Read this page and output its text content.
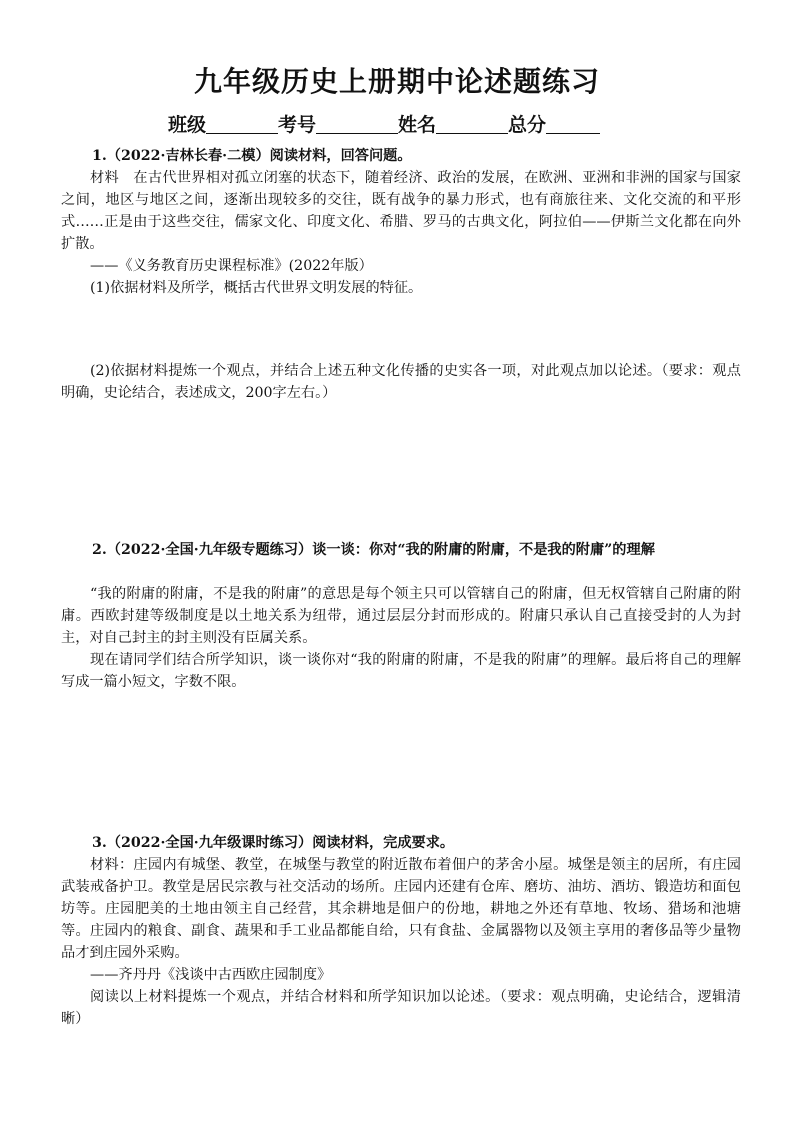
九年级历史上册期中论述题练习
班级	考号	姓名	总分
1.（2022·吉林长春·二模）阅读材料，回答问题。
材料　在古代世界相对孤立闭塞的状态下，随着经济、政治的发展，在欧洲、亚洲和非洲的国家与国家之间，地区与地区之间，逐渐出现较多的交往，既有战争的暴力形式，也有商旅往来、文化交流的和平形式……正是由于这些交往，儒家文化、印度文化、希腊、罗马的古典文化，阿拉伯——伊斯兰文化都在向外扩散。
——《义务教育历史课程标准》(2022年版）
(1)依据材料及所学，概括古代世界文明发展的特征。
(2)依据材料提炼一个观点，并结合上述五种文化传播的史实各一项，对此观点加以论述。（要求：观点明确，史论结合，表述成文，200字左右。）
2.（2022·全国·九年级专题练习）谈一谈：你对“我的附庸的附庸，不是我的附庸”的理解
“我的附庸的附庸，不是我的附庸”的意思是每个领主只可以管辖自己的附庸，但无权管辖自己附庸的附庸。西欧封建等级制度是以土地关系为纽带，通过层层分封而形成的。附庸只承认自己直接受封的人为封主，对自己封主的封主则没有臣属关系。
现在请同学们结合所学知识，谈一谈你对“我的附庸的附庸，不是我的附庸”的理解。最后将自己的理解写成一篇小短文，字数不限。
3.（2022·全国·九年级课时练习）阅读材料，完成要求。
材料：庄园内有城堡、教堂，在城堡与教堂的附近散布着佃户的茅舍小屋。城堡是领主的居所，有庄园武装戒备护卫。教堂是居民宗教与社交活动的场所。庄园内还建有仓库、磨坊、油坊、酒坊、锻造坊和面包坊等。庄园肥美的土地由领主自己经营，其余耕地是佃户的份地，耕地之外还有草地、牧场、猎场和池塘等。庄园内的粮食、副食、蔬果和手工业品都能自给，只有食盐、金属器物以及领主享用的奢侈品等少量物品才到庄园外采购。
——齐丹丹《浅谈中古西欧庄园制度》
阅读以上材料提炼一个观点，并结合材料和所学知识加以论述。（要求：观点明确，史论结合，逻辑清晰）
